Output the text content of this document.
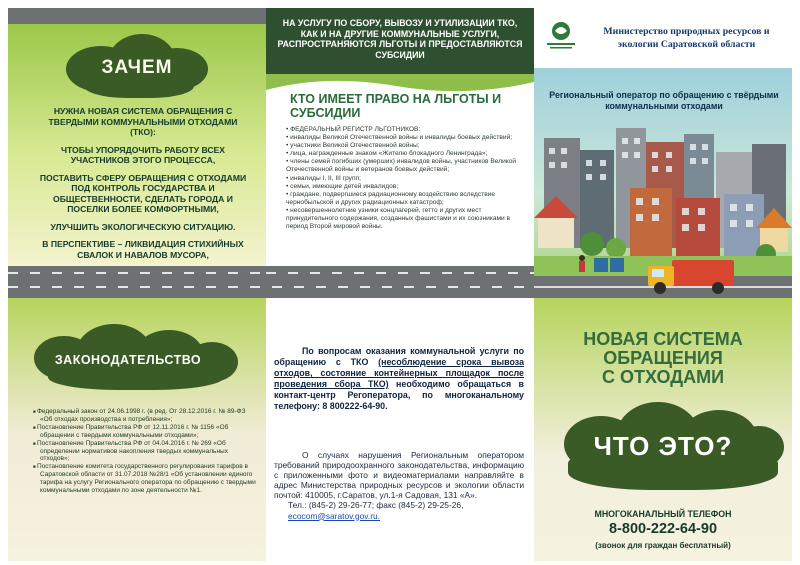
ЗАЧЕМ

НУЖНА НОВАЯ СИСТЕМА ОБРАЩЕНИЯ С ТВЕРДЫМИ КОММУНАЛЬНЫМИ ОТХОДАМИ (ТКО):

ЧТОБЫ УПОРЯДОЧИТЬ РАБОТУ ВСЕХ УЧАСТНИКОВ ЭТОГО ПРОЦЕССА,

ПОСТАВИТЬ СФЕРУ ОБРАЩЕНИЯ С ОТХОДАМИ ПОД КОНТРОЛЬ ГОСУДАРСТВА И ОБЩЕСТВЕННОСТИ, СДЕЛАТЬ ГОРОДА И ПОСЕЛКИ БОЛЕЕ КОМФОРТНЫМИ,

УЛУЧШИТЬ ЭКОЛОГИЧЕСКУЮ СИТУАЦИЮ.

В ПЕРСПЕКТИВЕ – ЛИКВИДАЦИЯ СТИХИЙНЫХ СВАЛОК И НАВАЛОВ МУСОРА,

НА УСЛУГУ ПО СБОРУ, ВЫВОЗУ И УТИЛИЗАЦИИ ТКО, КАК И НА ДРУГИЕ КОММУНАЛЬНЫЕ УСЛУГИ, РАСПРОСТРАНЯЮТСЯ ЛЬГОТЫ И ПРЕДОСТАВЛЯЮТСЯ СУБСИДИИ
КТО ИМЕЕТ ПРАВО НА ЛЬГОТЫ И СУБСИДИИ
• ФЕДЕРАЛЬНЫЙ РЕГИСТР ЛЬГОТНИКОВ:
• инвалиды Великой Отечественной войны и инвалиды боевых действий;
• участники Великой Отечественной войны;
• лица, награжденные знаком «Жителю блокадного Ленинграда»;
• члены семей погибших (умерших) инвалидов войны, участников Великой Отечественной войны и ветеранов боевых действий;
• инвалиды I, II, III групп;
• семьи, имеющие детей инвалидов;
• граждане, подвергшиеся радиационному воздействию вследствие чернобыльской и других радиационных катастроф;
• несовершеннолетние узники концлагерей, гетто и других мест принудительного содержания, созданных фашистами и их союзниками в период Второй мировой войны.
Министерство природных ресурсов и экологии Саратовской области
Региональный оператор по обращению с твёрдыми коммунальными отходами
ЗАКОНОДАТЕЛЬСТВО
■ Федеральный закон от 24.06.1998 г. (в ред. От 28.12.2016 г. № 89-ФЗ «Об отходах производства и потребления»;
■ Постановление Правительства РФ от 12.11.2016 г. № 1156 «Об обращении с твердыми коммунальными отходами»;
■ Постановление Правительства РФ от 04.04.2016 г. № 269 «Об определении нормативов накопления твердых коммунальных отходов»;
■ Постановление комитета государственного регулирования тарифов в Саратовской области от 31.07.2018 №28/1 «Об установлении единого тарифа на услугу Регионального оператора по обращению с твердыми коммунальными отходами по зоне деятельности №1.
По вопросам оказания коммунальной услуги по обращению с ТКО (несоблюдение срока вывоза отходов, состояние контейнерных площадок после проведения сбора ТКО) необходимо обращаться в контакт-центр Регоператора, по многоканальному телефону: 8 800222-64-90.
О случаях нарушения Региональным оператором требований природоохранного законодательства, информацию с приложенными фото и видеоматериалами направляйте в адрес Министерства природных ресурсов и экологии области почтой: 410005, г.Саратов, ул.1-я Садовая, 131 «А».
Тел.: (845-2) 29-26-77; факс (845-2) 29-25-26,
ecocom@saratov.gov.ru.
НОВАЯ СИСТЕМА
ОБРАЩЕНИЯ
С ОТХОДАМИ
ЧТО ЭТО?
МНОГОКАНАЛЬНЫЙ ТЕЛЕФОН
8-800-222-64-90
(звонок для граждан бесплатный)
